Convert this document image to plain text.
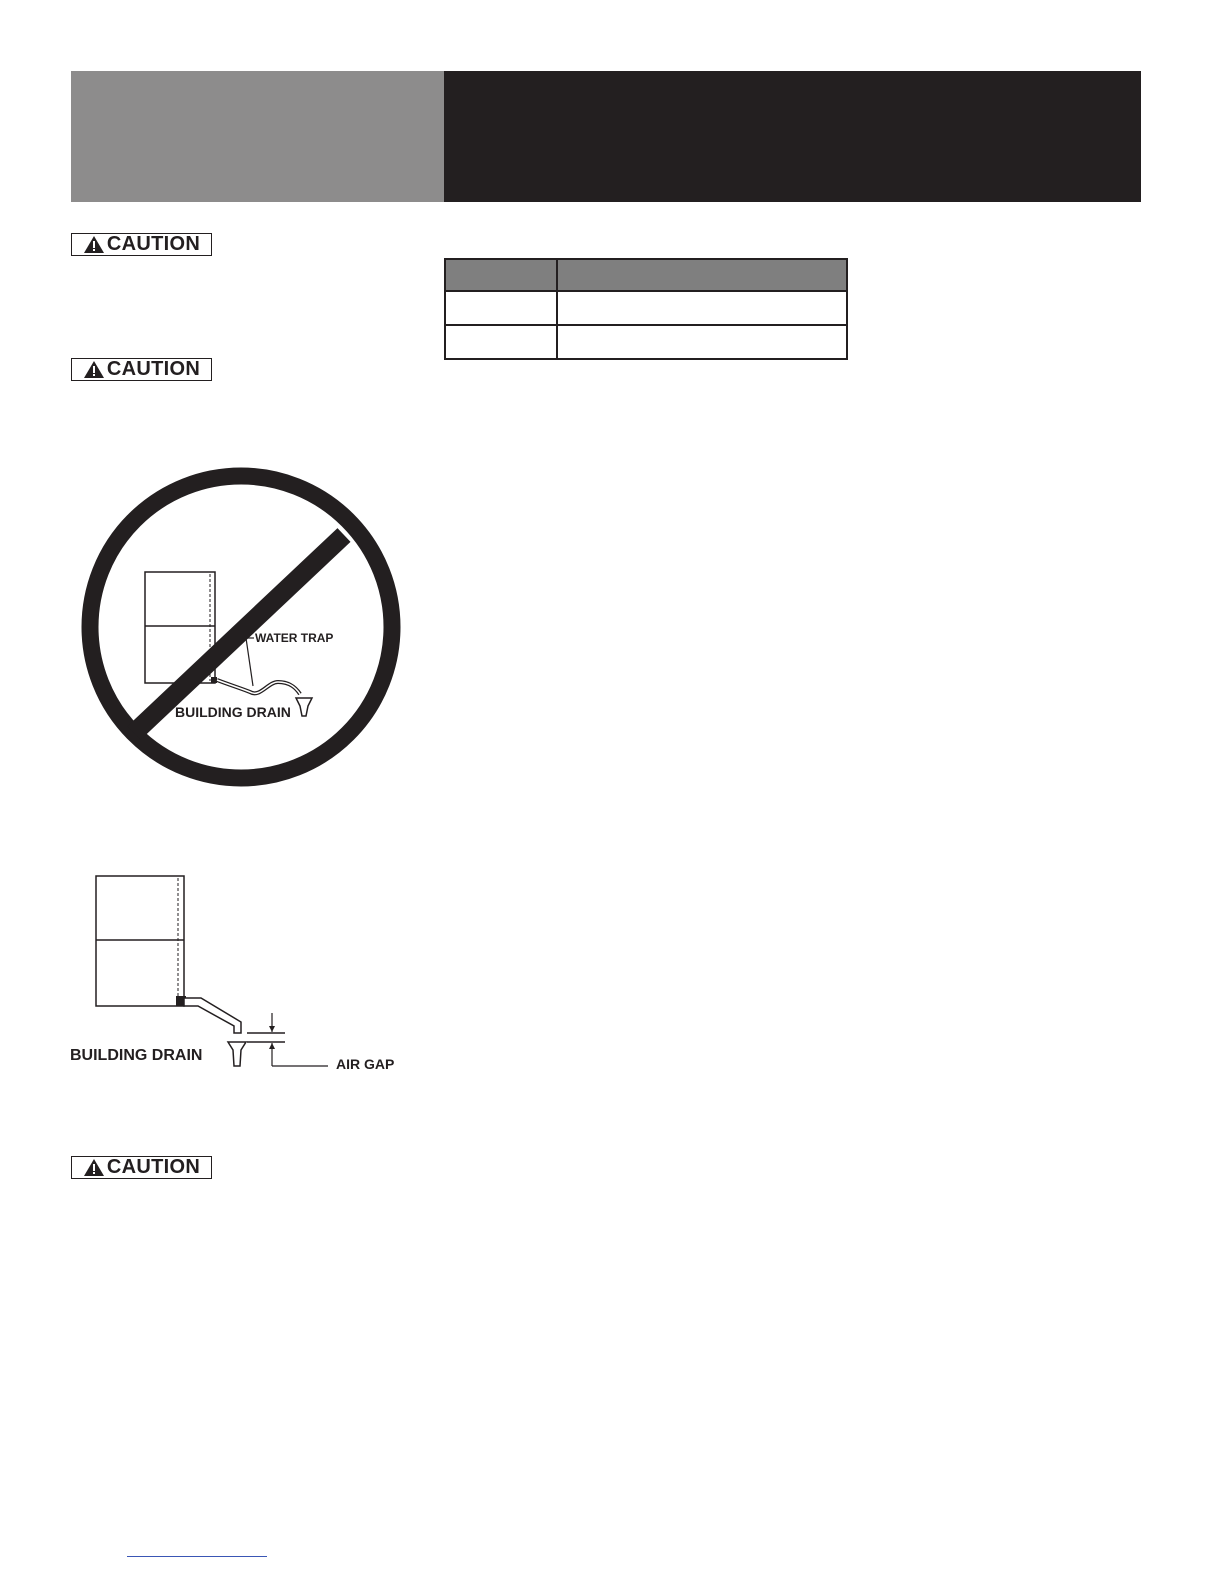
CAUTION
CAUTION

WATER TRAP
BUILDING DRAIN
BUILDING DRAIN	AIR GAP
CAUTION
